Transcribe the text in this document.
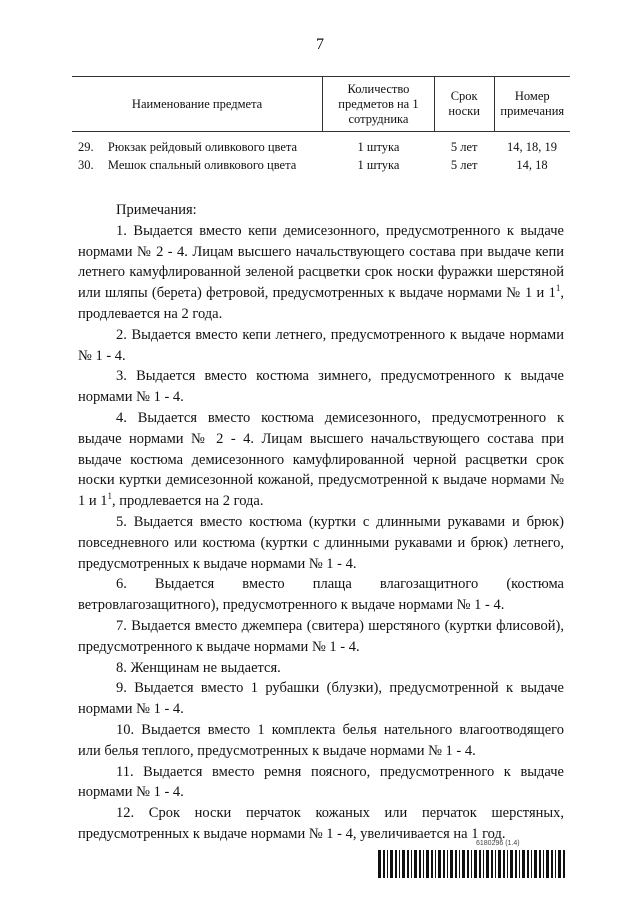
7
Наименование предмета		Количество предметов на 1 сотрудника	Срок носки	Номер примечания

29.	Рюкзак рейдовый оливкового цвета	1 штука	5 лет	14, 18, 19
30.	Мешок спальный оливкового цвета	1 штука	5 лет	14, 18

Примечания:

1. Выдается вместо кепи демисезонного, предусмотренного к выдаче нормами № 2 - 4. Лицам высшего начальствующего состава при выдаче кепи летнего камуфлированной зеленой расцветки срок носки фуражки шерстяной или шляпы (берета) фетровой, предусмотренных к выдаче нормами № 1 и $1^1$, продлевается на 2 года.

2. Выдается вместо кепи летнего, предусмотренного к выдаче нормами № 1 - 4.

3. Выдается вместо костюма зимнего, предусмотренного к выдаче нормами № 1 - 4.

4. Выдается вместо костюма демисезонного, предусмотренного к выдаче нормами № 2 - 4. Лицам высшего начальствующего состава при выдаче костюма демисезонного камуфлированной черной расцветки срок носки куртки демисезонной кожаной, предусмотренной к выдаче нормами № 1 и $1^1$, продлевается на 2 года.

5. Выдается вместо костюма (куртки с длинными рукавами и брюк) повседневного или костюма (куртки с длинными рукавами и брюк) летнего, предусмотренных к выдаче нормами № 1 - 4.

6. Выдается вместо плаща влагозащитного (костюма ветровлагозащитного), предусмотренного к выдаче нормами № 1 - 4.

7. Выдается вместо джемпера (свитера) шерстяного (куртки флисовой), предусмотренного к выдаче нормами № 1 - 4.

8. Женщинам не выдается.

9. Выдается вместо 1 рубашки (блузки), предусмотренной к выдаче нормами № 1 - 4.

10. Выдается вместо 1 комплекта белья нательного влагоотводящего или белья теплого, предусмотренных к выдаче нормами № 1 - 4.

11. Выдается вместо ремня поясного, предусмотренного к выдаче нормами № 1 - 4.

12. Срок носки перчаток кожаных или перчаток шерстяных, предусмотренных к выдаче нормами № 1 - 4, увеличивается на 1 год.

6180296 (1.4)
